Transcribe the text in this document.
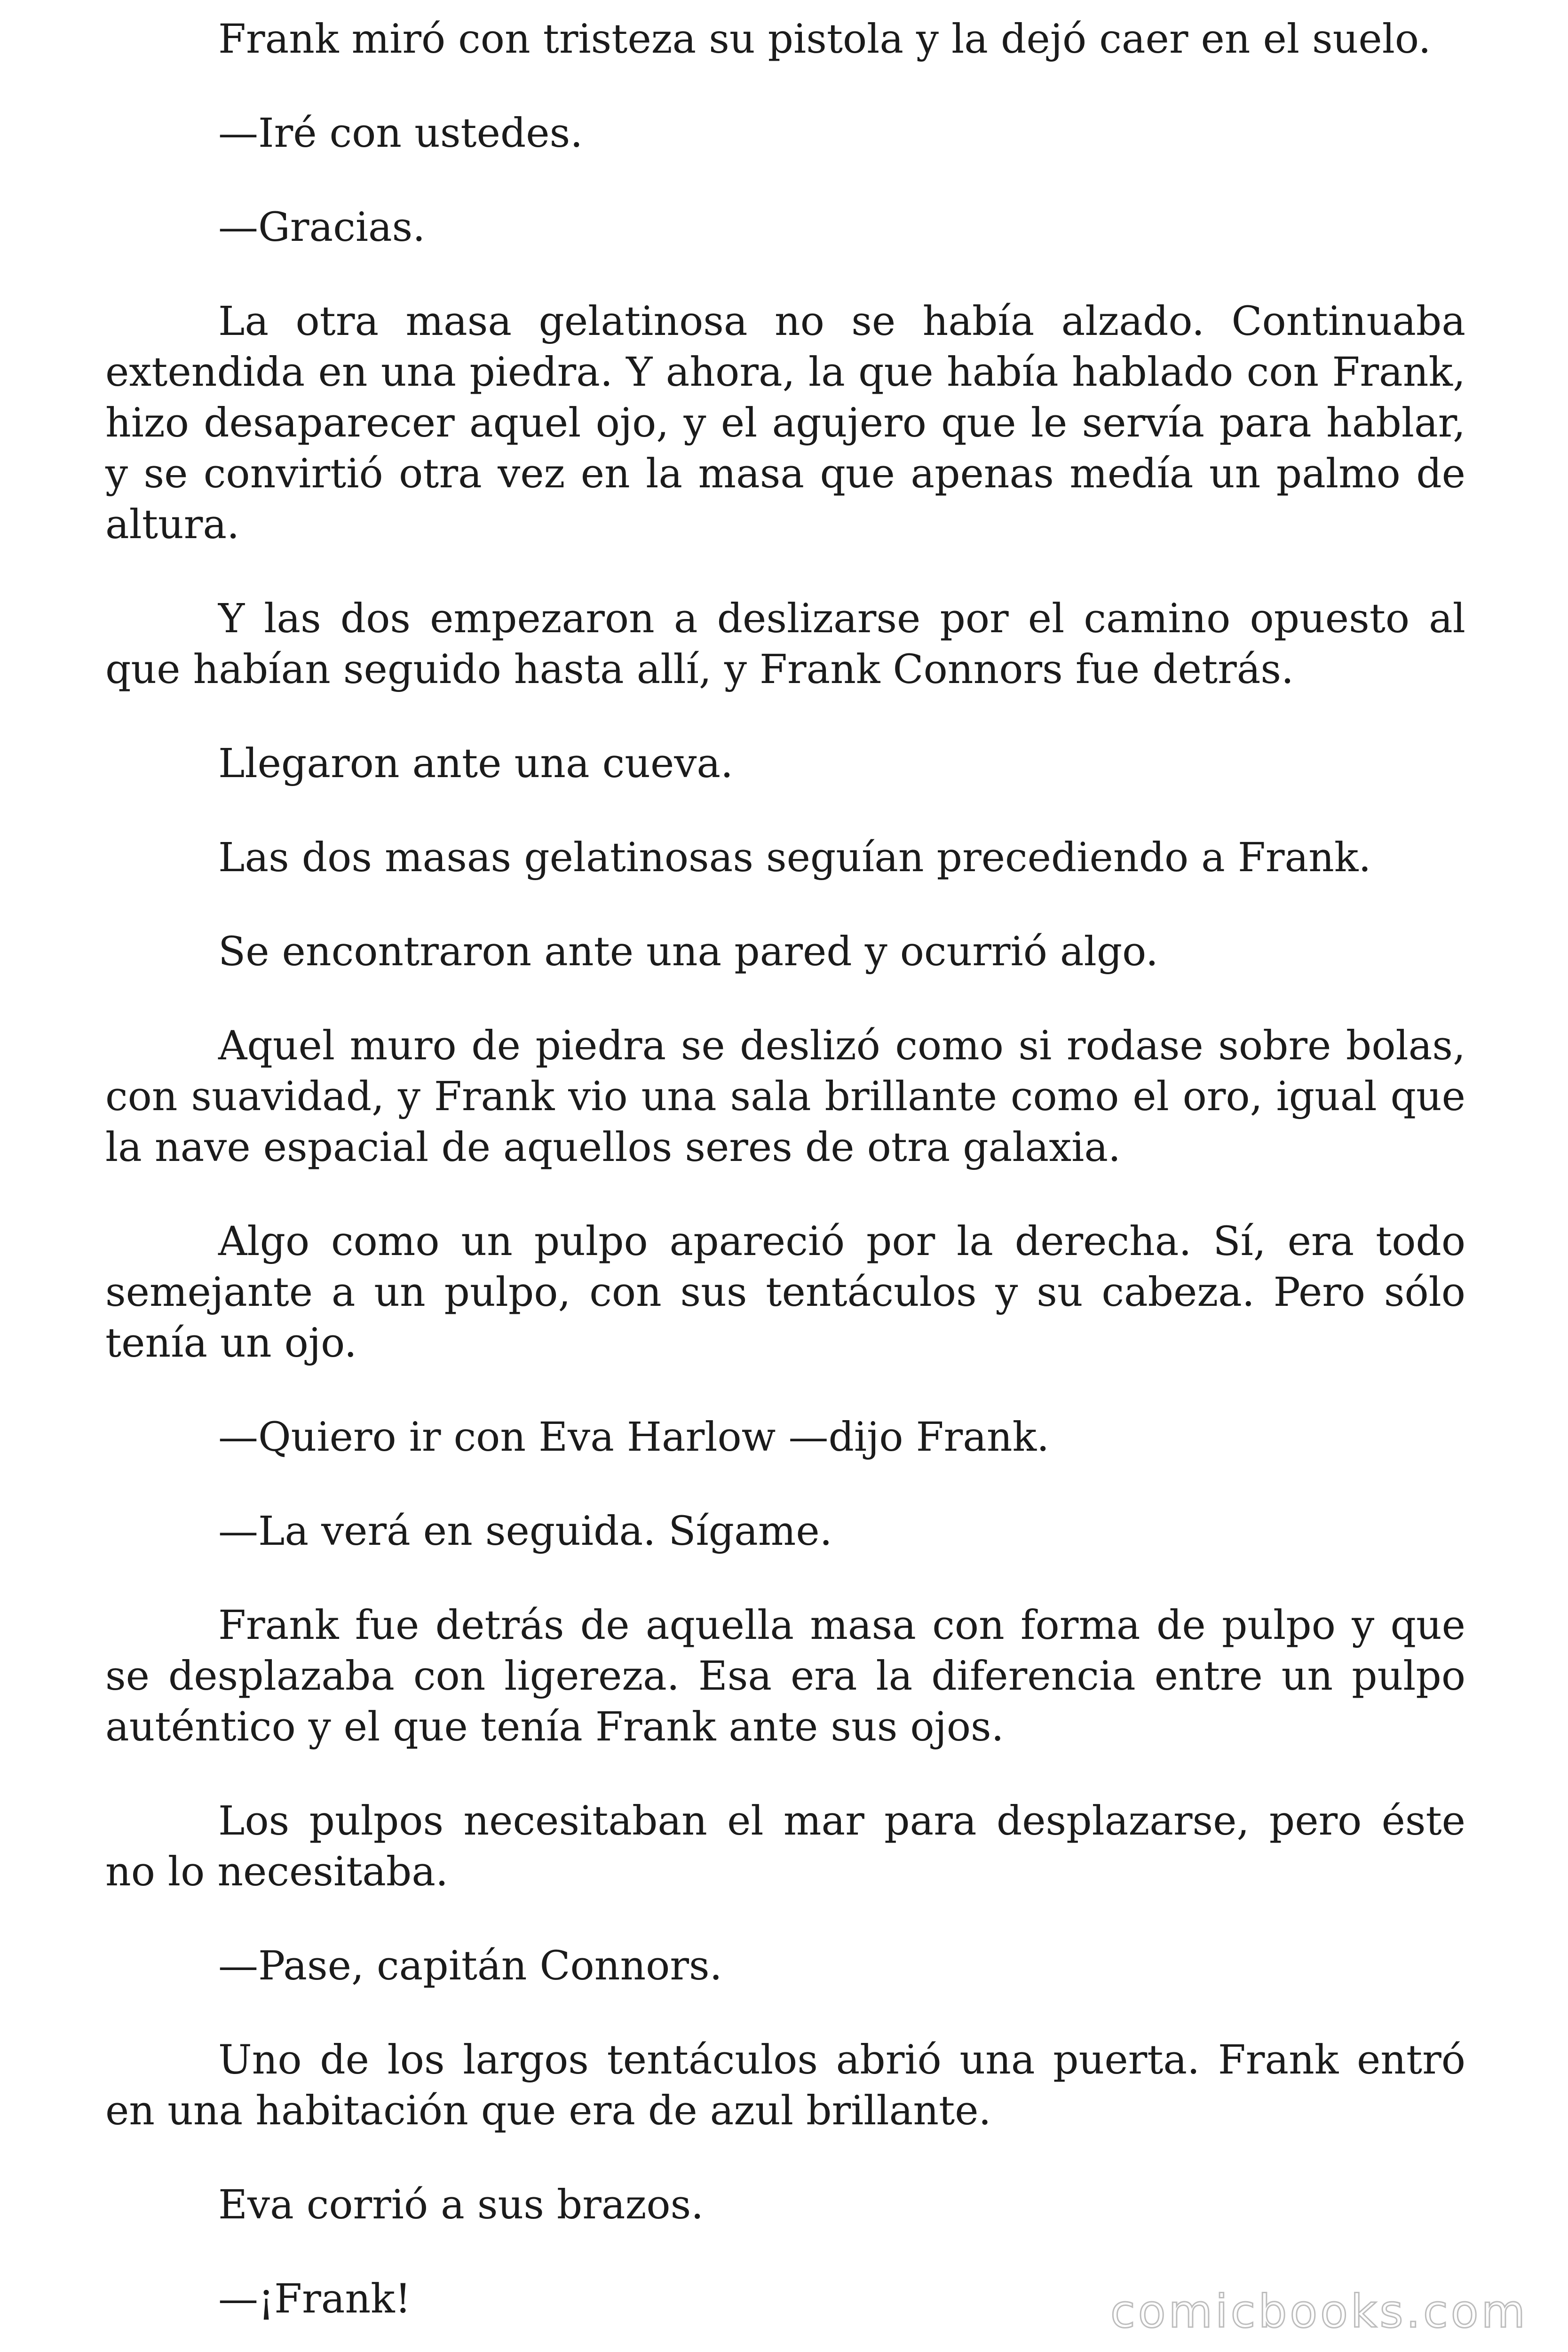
Frank miró con tristeza su pistola y la dejó caer en el suelo.

—Iré con ustedes.

—Gracias.

La otra masa gelatinosa no se había alzado. Continuaba extendida en una piedra. Y ahora, la que había hablado con Frank, hizo desaparecer aquel ojo, y el agujero que le servía para hablar, y se convirtió otra vez en la masa que apenas medía un palmo de altura.

Y las dos empezaron a deslizarse por el camino opuesto al que habían seguido hasta allí, y Frank Connors fue detrás.

Llegaron ante una cueva.

Las dos masas gelatinosas seguían precediendo a Frank.

Se encontraron ante una pared y ocurrió algo.

Aquel muro de piedra se deslizó como si rodase sobre bolas, con suavidad, y Frank vio una sala brillante como el oro, igual que la nave espacial de aquellos seres de otra galaxia.

Algo como un pulpo apareció por la derecha. Sí, era todo semejante a un pulpo, con sus tentáculos y su cabeza. Pero sólo tenía un ojo.

—Quiero ir con Eva Harlow —dijo Frank.

—La verá en seguida. Sígame.

Frank fue detrás de aquella masa con forma de pulpo y que se desplazaba con ligereza. Esa era la diferencia entre un pulpo auténtico y el que tenía Frank ante sus ojos.

Los pulpos necesitaban el mar para desplazarse, pero éste no lo necesitaba.

—Pase, capitán Connors.

Uno de los largos tentáculos abrió una puerta. Frank entró en una habitación que era de azul brillante.

Eva corrió a sus brazos.

—¡Frank!	comicbooks.com
